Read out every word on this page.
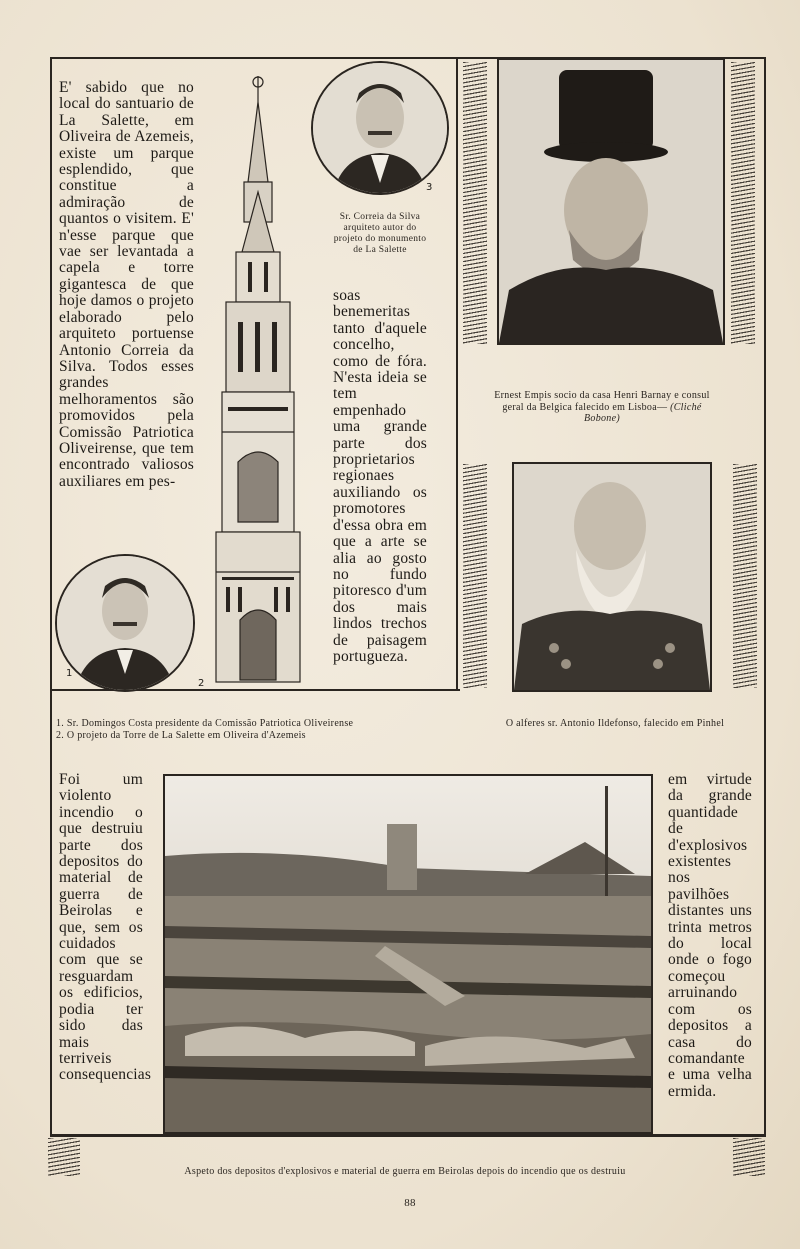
E' sabido que no local do santuario de La Salette, em Oliveira de Azemeis, existe um parque esplendido, que constitue a admiração de quantos o visitem. E' n'esse parque que vae ser levantada a capela e torre gigantesca de que hoje damos o projeto elaborado pelo arquiteto portuense Antonio Correia da Silva. Todos esses grandes melhoramentos são promovidos pela Comissão Patriotica Oliveirense, que tem encontrado valiosos auxiliares em pes-
2
3
Sr. Correia da Silva arquiteto autor do projeto do monumento de La Salette
soas benemeritas tanto d'aquele concelho, como de fóra. N'esta ideia se tem empenhado uma grande parte dos proprietarios regionaes auxiliando os promotores d'essa obra em que a arte se alia ao gosto no fundo pitoresco d'um dos mais lindos trechos de paisagem portugueza.
1
1. Sr. Domingos Costa presidente da Comissão Patriotica Oliveirense
2. O projeto da Torre de La Salette em Oliveira d'Azemeis
Ernest Empis socio da casa Henri Barnay e consul geral da Belgica falecido em Lisboa— (Cliché Bobone)
O alferes sr. Antonio Ildefonso, falecido em Pinhel
Foi um violento incendio o que destruiu parte dos depositos do material de guerra de Beirolas e que, sem os cuidados com que se resguardam os edificios, podia ter sido das mais terriveis consequencias
em virtude da grande quantidade de d'explosivos existentes nos pavilhões distantes uns trinta metros do local onde o fogo começou arruinando com os depositos a casa do comandante e uma velha ermida.
Aspeto dos depositos d'explosivos e material de guerra em Beirolas depois do incendio que os destruiu
88
